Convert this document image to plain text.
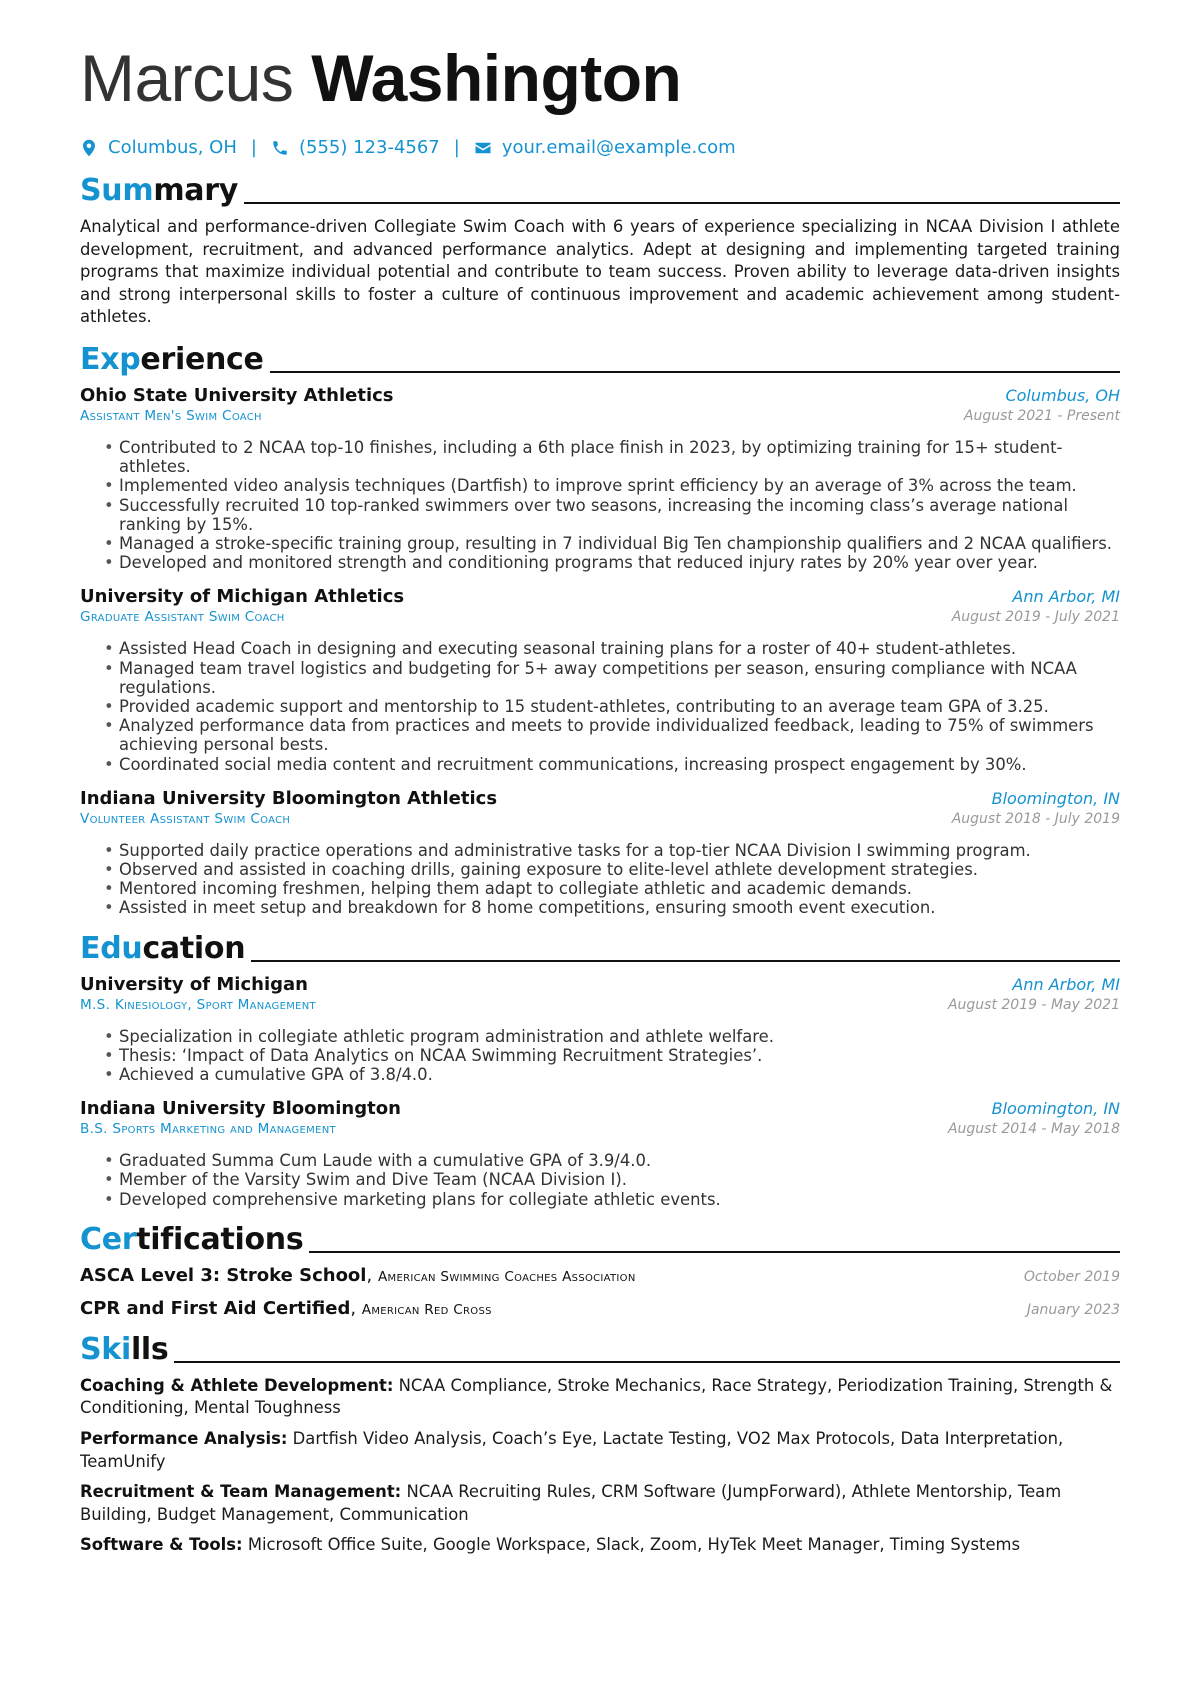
Marcus Washington
Columbus, OH | (555) 123-4567 | your.email@example.com
Summary

Analytical and performance-driven Collegiate Swim Coach with 6 years of experience specializing in NCAA Division I athlete development, recruitment, and advanced performance analytics. Adept at designing and implementing targeted training programs that maximize individual potential and contribute to team success. Proven ability to leverage data-driven insights and strong interpersonal skills to foster a culture of continuous improvement and academic achievement among student-athletes.

Experience
Ohio State University Athletics	Columbus, OH
Assistant Men's Swim Coach	August 2021 - Present
• Contributed to 2 NCAA top-10 finishes, including a 6th place finish in 2023, by optimizing training for 15+ student-athletes.
• Implemented video analysis techniques (Dartfish) to improve sprint efficiency by an average of 3% across the team.
• Successfully recruited 10 top-ranked swimmers over two seasons, increasing the incoming class’s average national ranking by 15%.
• Managed a stroke-specific training group, resulting in 7 individual Big Ten championship qualifiers and 2 NCAA qualifiers.
• Developed and monitored strength and conditioning programs that reduced injury rates by 20% year over year.
University of Michigan Athletics	Ann Arbor, MI
Graduate Assistant Swim Coach	August 2019 - July 2021
• Assisted Head Coach in designing and executing seasonal training plans for a roster of 40+ student-athletes.
• Managed team travel logistics and budgeting for 5+ away competitions per season, ensuring compliance with NCAA regulations.
• Provided academic support and mentorship to 15 student-athletes, contributing to an average team GPA of 3.25.
• Analyzed performance data from practices and meets to provide individualized feedback, leading to 75% of swimmers achieving personal bests.
• Coordinated social media content and recruitment communications, increasing prospect engagement by 30%.
Indiana University Bloomington Athletics	Bloomington, IN
Volunteer Assistant Swim Coach	August 2018 - July 2019
• Supported daily practice operations and administrative tasks for a top-tier NCAA Division I swimming program.
• Observed and assisted in coaching drills, gaining exposure to elite-level athlete development strategies.
• Mentored incoming freshmen, helping them adapt to collegiate athletic and academic demands.
• Assisted in meet setup and breakdown for 8 home competitions, ensuring smooth event execution.
Education
University of Michigan	Ann Arbor, MI
M.S. Kinesiology, Sport Management	August 2019 - May 2021
• Specialization in collegiate athletic program administration and athlete welfare.
• Thesis: ‘Impact of Data Analytics on NCAA Swimming Recruitment Strategies’.
• Achieved a cumulative GPA of 3.8/4.0.
Indiana University Bloomington	Bloomington, IN
B.S. Sports Marketing and Management	August 2014 - May 2018
• Graduated Summa Cum Laude with a cumulative GPA of 3.9/4.0.
• Member of the Varsity Swim and Dive Team (NCAA Division I).
• Developed comprehensive marketing plans for collegiate athletic events.
Certifications
ASCA Level 3: Stroke School, American Swimming Coaches Association	October 2019
CPR and First Aid Certified, American Red Cross	January 2023
Skills
Coaching & Athlete Development: NCAA Compliance, Stroke Mechanics, Race Strategy, Periodization Training, Strength & Conditioning, Mental Toughness
Performance Analysis: Dartfish Video Analysis, Coach’s Eye, Lactate Testing, VO2 Max Protocols, Data Interpretation, TeamUnify
Recruitment & Team Management: NCAA Recruiting Rules, CRM Software (JumpForward), Athlete Mentorship, Team Building, Budget Management, Communication
Software & Tools: Microsoft Office Suite, Google Workspace, Slack, Zoom, HyTek Meet Manager, Timing Systems
